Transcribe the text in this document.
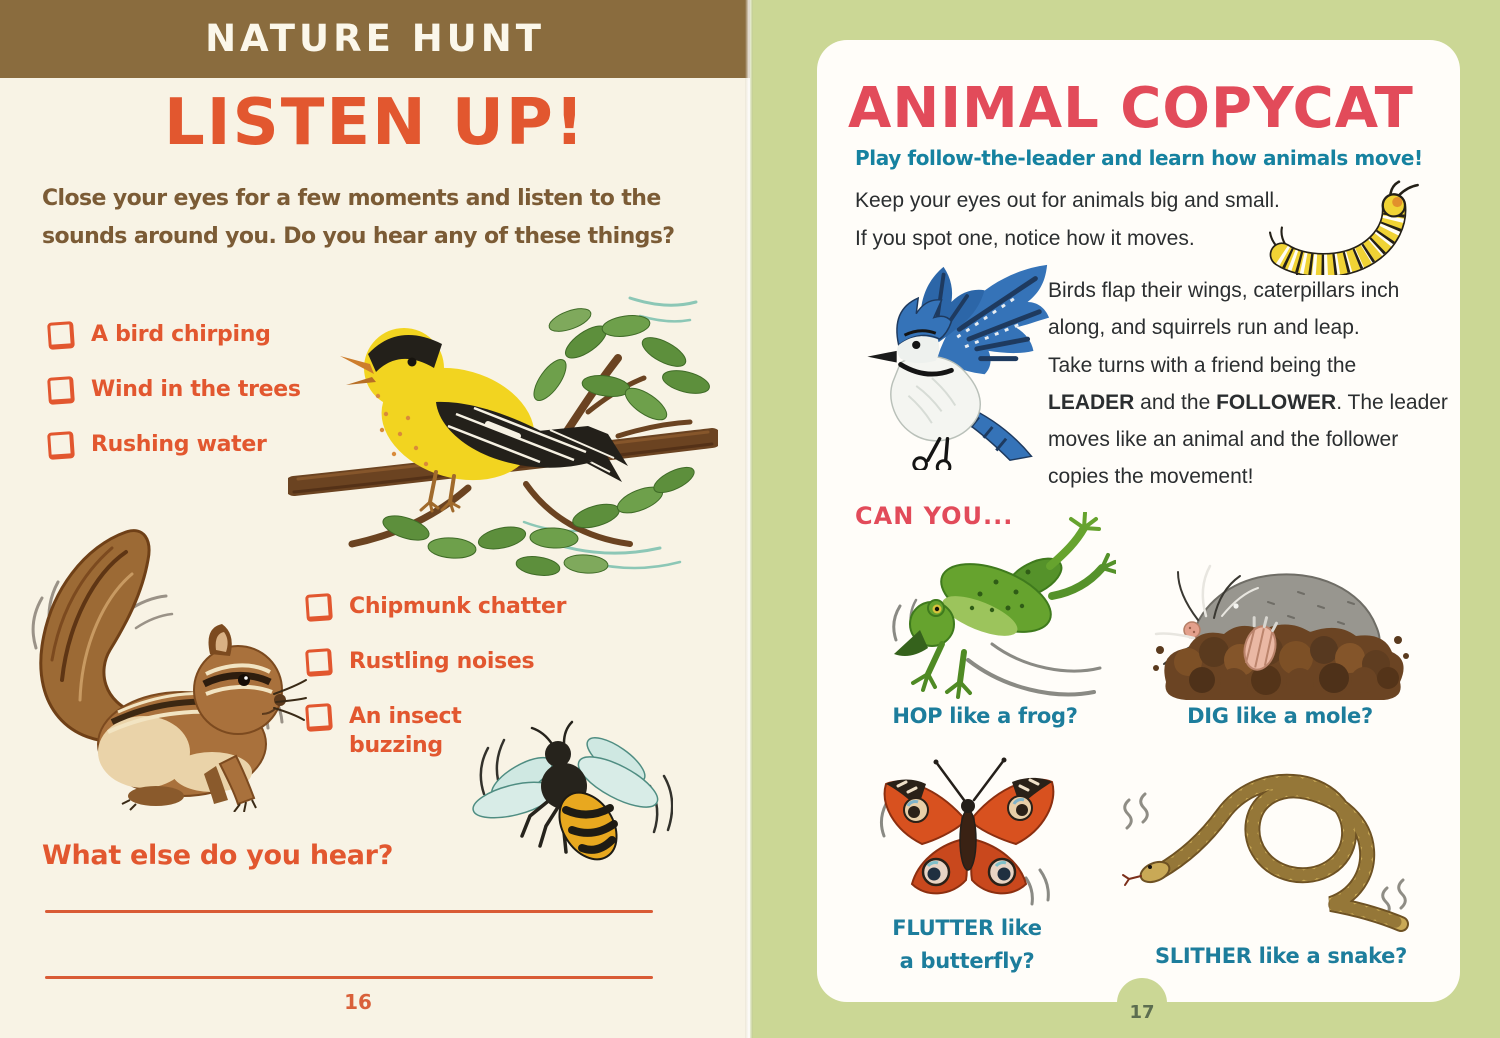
NATURE HUNT
LISTEN UP!
Close your eyes for a few moments and listen to the
sounds around you. Do you hear any of these things?
A bird chirping
Wind in the trees
Rushing water
Chipmunk chatter
Rustling noises
An insect buzzing
What else do you hear?
16
ANIMAL COPYCAT
Play follow-the-leader and learn how animals move!
Keep your eyes out for animals big and small.
If you spot one, notice how it moves.
Birds flap their wings, caterpillars inch
along, and squirrels run and leap.
Take turns with a friend being the
LEADER and the FOLLOWER. The leader
moves like an animal and the follower
copies the movement!
CAN YOU...
HOP like a frog?	DIG like a mole?
FLUTTER like
a butterfly?	SLITHER like a snake?
17
